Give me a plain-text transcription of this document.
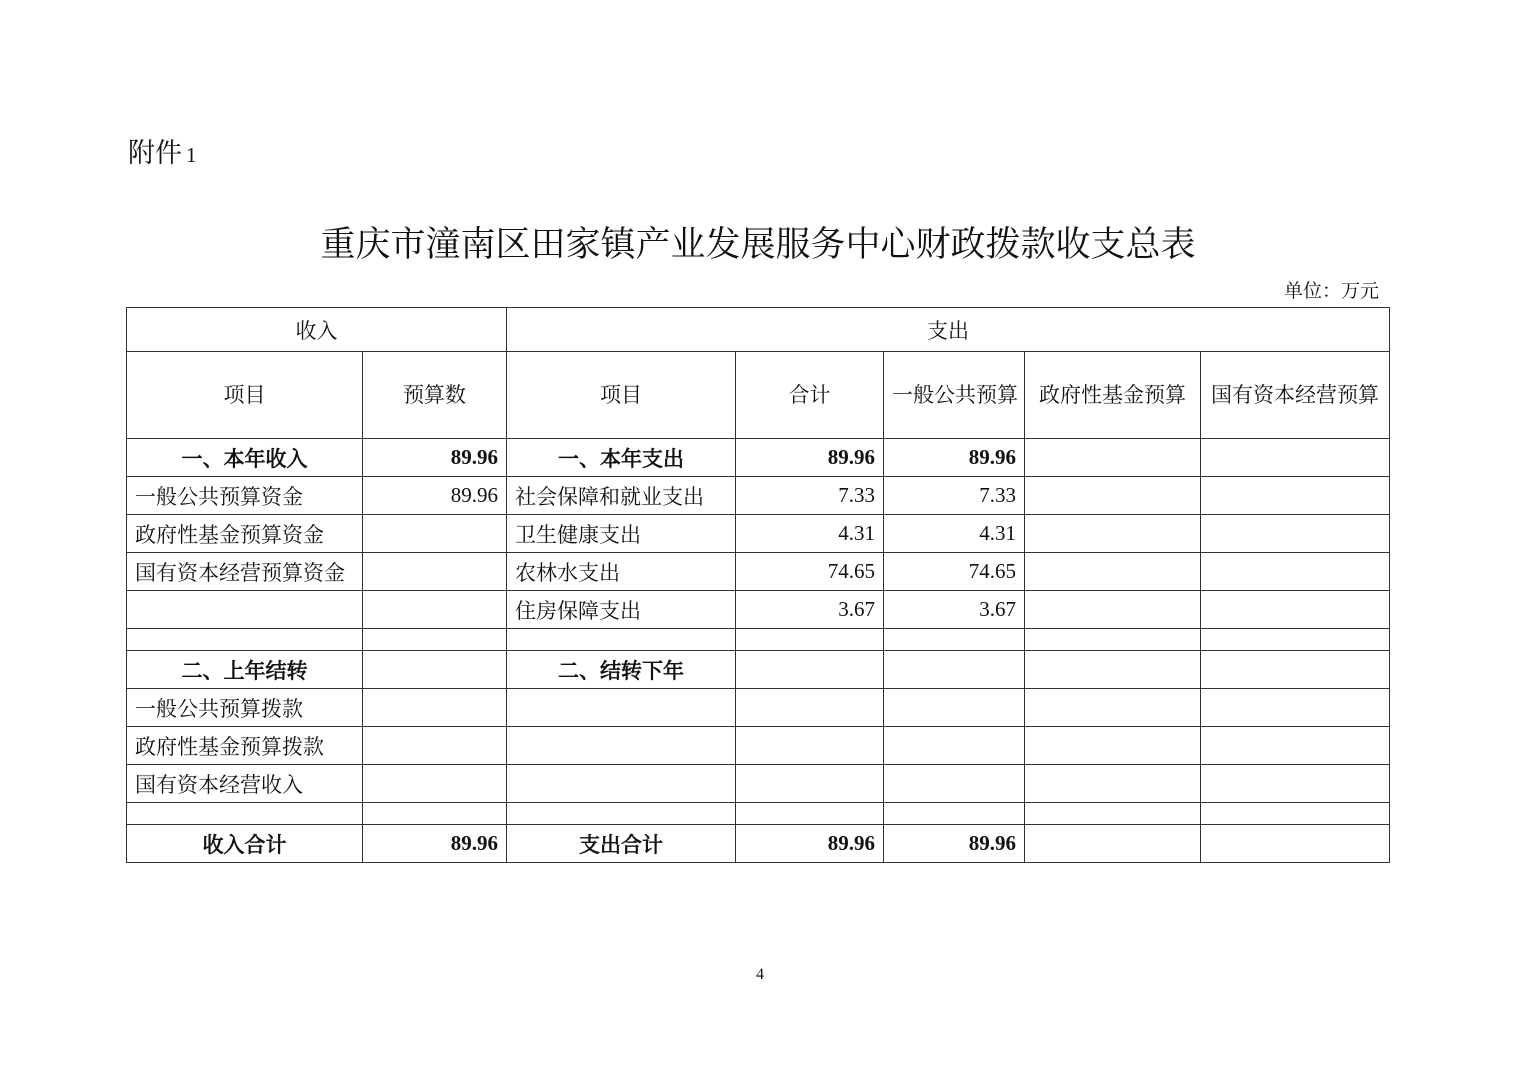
附件 1
重庆市潼南区田家镇产业发展服务中心财政拨款收支总表
单位：万元
收入		支出				
项目	预算数	项目	合计	一般公共预算	政府性基金预算	国有资本经营预算
一、本年收入	89.96	一、本年支出	89.96	89.96		
一般公共预算资金	89.96	社会保障和就业支出	7.33	7.33		
政府性基金预算资金		卫生健康支出	4.31	4.31		
国有资本经营预算资金		农林水支出	74.65	74.65		
		住房保障支出	3.67	3.67		

二、上年结转		二、结转下年				
一般公共预算拨款						
政府性基金预算拨款						
国有资本经营收入						

收入合计	89.96	支出合计	89.96	89.96		
4
